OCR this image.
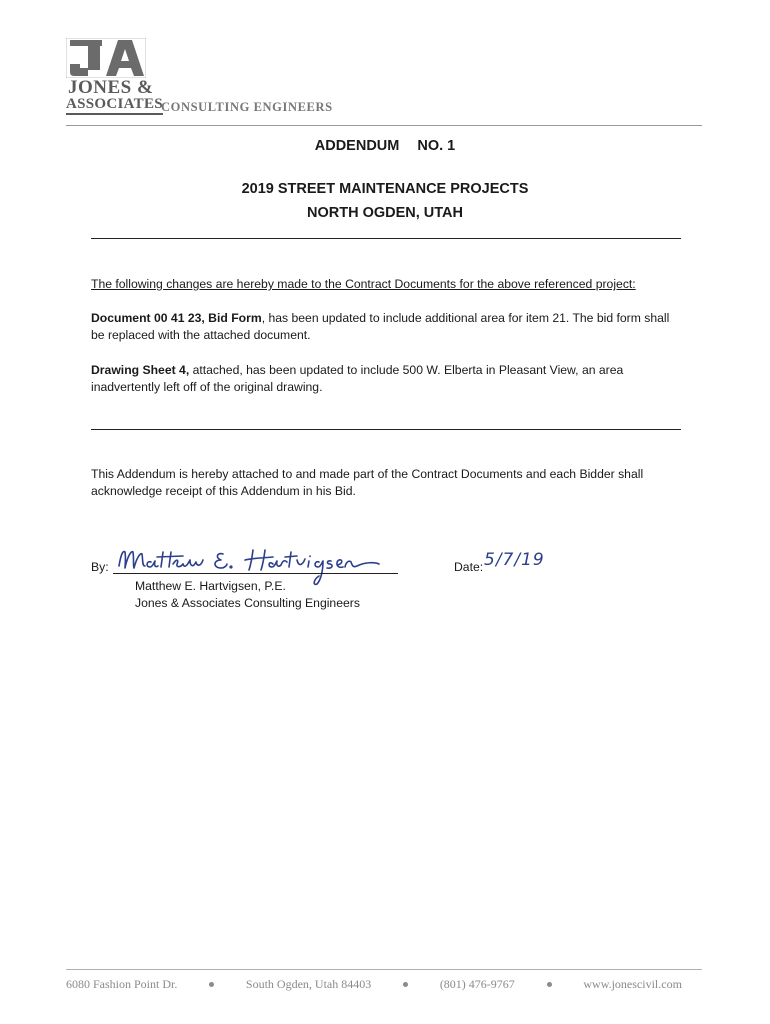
JONES &
ASSOCIATES
CONSULTING ENGINEERS
ADDENDUM NO. 1
2019 STREET MAINTENANCE PROJECTS
NORTH OGDEN, UTAH
The following changes are hereby made to the Contract Documents for the above referenced project:
Document 00 41 23, Bid Form, has been updated to include additional area for item 21. The bid form shall be replaced with the attached document.
Drawing Sheet 4, attached, has been updated to include 500 W. Elberta in Pleasant View, an area inadvertently left off of the original drawing.
This Addendum is hereby attached to and made part of the Contract Documents and each Bidder shall acknowledge receipt of this Addendum in his Bid.
By:
Matthew E. Hartvigsen, P.E.
Jones & Associates Consulting Engineers
Date: 5/7/19
6080 Fashion Point Dr.	South Ogden, Utah 84403	(801) 476-9767	www.jonescivil.com
